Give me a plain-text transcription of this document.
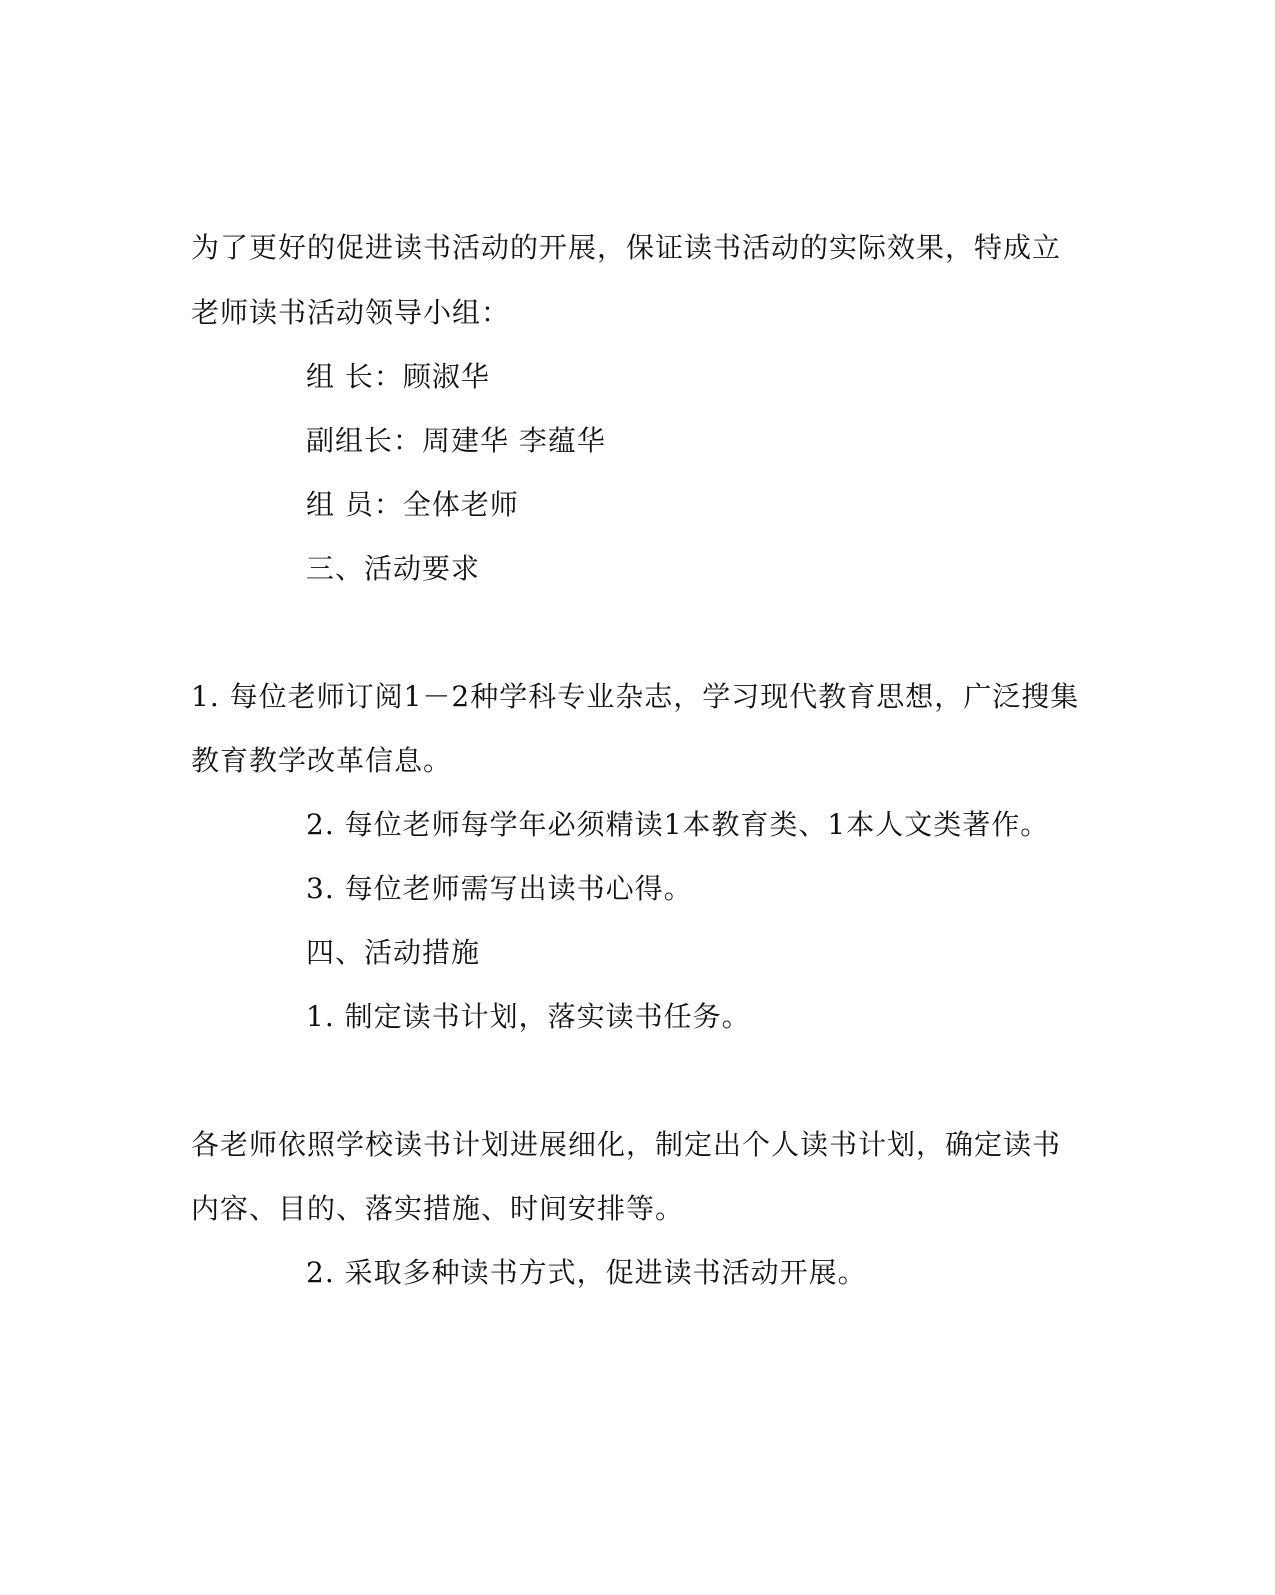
为了更好的促进读书活动的开展，保证读书活动的实际效果，特成立
老师读书活动领导小组：
组 长：顾淑华
副组长：周建华 李蕴华
组 员：全体老师
三、活动要求
1. 每位老师订阅1－2种学科专业杂志，学习现代教育思想，广泛搜集
教育教学改革信息。
2. 每位老师每学年必须精读1本教育类、1本人文类著作。
3. 每位老师需写出读书心得。
四、活动措施
1. 制定读书计划，落实读书任务。
各老师依照学校读书计划进展细化，制定出个人读书计划，确定读书
内容、目的、落实措施、时间安排等。
2. 采取多种读书方式，促进读书活动开展。
